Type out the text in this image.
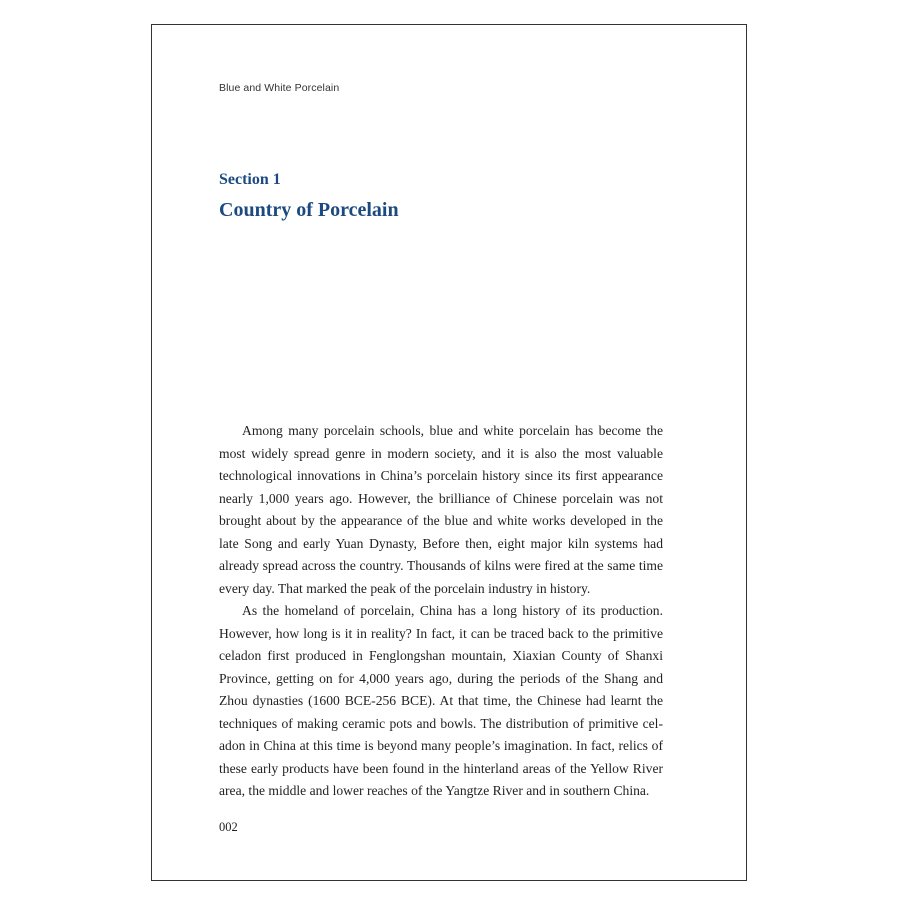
Blue and White Porcelain
Section 1
Country of Porcelain

Among many porcelain schools, blue and white porcelain has become the most widely spread genre in modern society, and it is also the most valuable technological innovations in China’s porcelain history since its first appearance nearly 1,000 years ago. However, the brilliance of Chinese porcelain was not brought about by the appearance of the blue and white works developed in the late Song and early Yuan Dynasty, Before then, eight major kiln systems had already spread across the country. Thousands of kilns were fired at the same time every day. That marked the peak of the porcelain industry in history.

As the homeland of porcelain, China has a long history of its production. However, how long is it in reality? In fact, it can be traced back to the primitive celadon first produced in Fenglongshan mountain, Xiaxian County of Shanxi Province, getting on for 4,000 years ago, during the periods of the Shang and Zhou dynasties (1600 BCE-256 BCE). At that time, the Chinese had learnt the techniques of making ceramic pots and bowls. The distribution of primitive celadon in China at this time is beyond many people’s imagination. In fact, relics of these early products have been found in the hinterland areas of the Yellow River area, the middle and lower reaches of the Yangtze River and in southern China.

002
